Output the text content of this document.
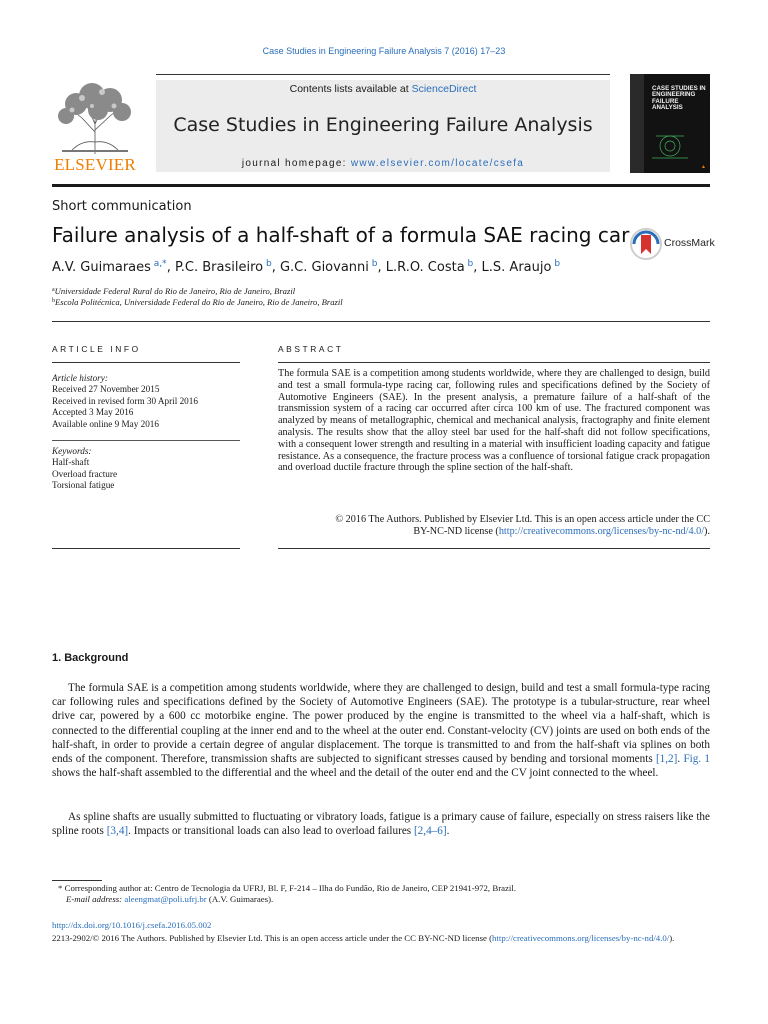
Case Studies in Engineering Failure Analysis 7 (2016) 17–23
ELSEVIER
Contents lists available at ScienceDirect
Case Studies in Engineering Failure Analysis
journal homepage: www.elsevier.com/locate/csefa
CASE STUDIES IN ENGINEERING FAILURE ANALYSIS
▲
Short communication
Failure analysis of a half-shaft of a formula SAE racing car
A.V. Guimaraes $^{a,*}$, P.C. Brasileiro $^b$, G.C. Giovanni $^b$, L.R.O. Costa $^b$, L.S. Araujo $^b$
$^a$Universidade Federal Rural do Rio de Janeiro, Rio de Janeiro, Brazil
$^b$Escola Politécnica, Universidade Federal do Rio de Janeiro, Rio de Janeiro, Brazil
CrossMark
ARTICLE INFO	ABSTRACT
Article history:
Received 27 November 2015
Received in revised form 30 April 2016
Accepted 3 May 2016
Available online 9 May 2016
Keywords:
Half-shaft
Overload fracture
Torsional fatigue
The formula SAE is a competition among students worldwide, where they are challenged to design, build and test a small formula-type racing car, following rules and specifications defined by the Society of Automotive Engineers (SAE). In the present analysis, a premature failure of a half-shaft of the transmission system of a racing car occurred after circa 100 km of use. The fractured component was analyzed by means of metallographic, chemical and mechanical analysis, fractography and finite element analysis. The results show that the alloy steel bar used for the half-shaft did not follow specifications, with a consequent lower strength and resulting in a material with insufficient loading capacity and fatigue resistance. As a consequence, the fracture process was a confluence of torsional fatigue crack propagation and overload ductile fracture through the spline section of the half-shaft.
© 2016 The Authors. Published by Elsevier Ltd. This is an open access article under the CC
BY-NC-ND license (http://creativecommons.org/licenses/by-nc-nd/4.0/).
1. Background
The formula SAE is a competition among students worldwide, where they are challenged to design, build and test a small formula-type racing car following rules and specifications defined by the Society of Automotive Engineers (SAE). The prototype is a tubular-structure, rear wheel drive car, powered by a 600 cc motorbike engine. The power produced by the engine is transmitted to the wheel via a half-shaft, which is connected to the differential coupling at the inner end and to the wheel at the outer end. Constant-velocity (CV) joints are used on both ends of the half-shaft, in order to provide a certain degree of angular displacement. The torque is transmitted to and from the half-shaft via splines on both ends of the component. Therefore, transmission shafts are subjected to significant stresses caused by bending and torsional moments [1,2]. Fig. 1 shows the half-shaft assembled to the differential and the wheel and the detail of the outer end and the CV joint connected to the wheel.
As spline shafts are usually submitted to fluctuating or vibratory loads, fatigue is a primary cause of failure, especially on stress raisers like the spline roots [3,4]. Impacts or transitional loads can also lead to overload failures [2,4–6].
* Corresponding author at: Centro de Tecnologia da UFRJ, Bl. F, F-214 – Ilha do Fundão, Rio de Janeiro, CEP 21941-972, Brazil.
E-mail address: aleengmat@poli.ufrj.br (A.V. Guimaraes).
http://dx.doi.org/10.1016/j.csefa.2016.05.002
2213-2902/© 2016 The Authors. Published by Elsevier Ltd. This is an open access article under the CC BY-NC-ND license (http://creativecommons.org/licenses/by-nc-nd/4.0/).
